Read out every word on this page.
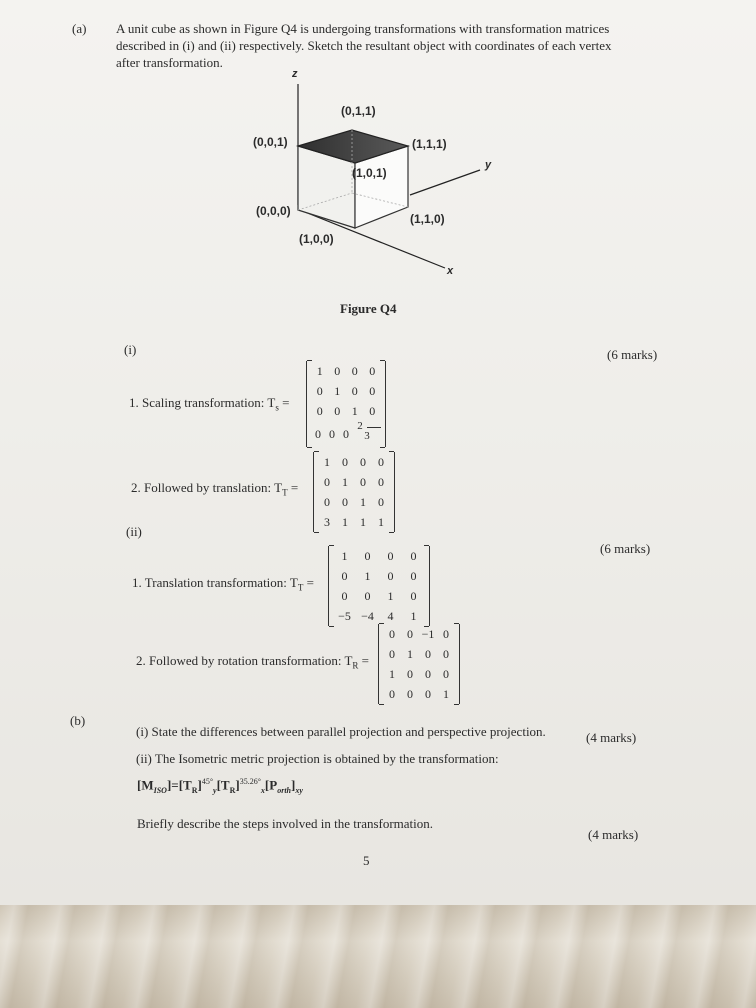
(a) A unit cube as shown in Figure Q4 is undergoing transformations with transformation matrices
described in (i) and (ii) respectively. Sketch the resultant object with coordinates of each vertex
after transformation.
z
y
x
(0,1,1)
(0,0,1)	(1,1,1)
(1,0,1)
(0,0,0)
(1,1,0)
(1,0,0)
Figure Q4
(i)	(6 marks)
1. Scaling transformation: $T_s$ =
1 0 0 0
0 1 0 0
0 0 1 0
0 0 $0 \frac{2}{3}$
2. Followed by translation: $T_T$ =
1	0	0	0
0	1	0	0
0	0	1	0
3	1	1	1
(ii)
(6 marks)
1. Translation transformation: $T_T$ =
1	0	0	0
0	1	0	0
0	0	1	0
−5 −4	4	1
2. Followed by rotation transformation: $T_R$ =
0	0 −1 0
0	1	0	0
1	0	0	0
0	0	0	1
(b)
(i) State the differences between parallel projection and perspective projection.	(4 marks)
(ii) The Isometric metric projection is obtained by the transformation:
$[M_{ISO}]=[T_R]^{45^\circ}_y[T_R]^{35.26^\circ}_x[P_{orth}]_{xy}$
Briefly describe the steps involved in the transformation.
(4 marks)
5
